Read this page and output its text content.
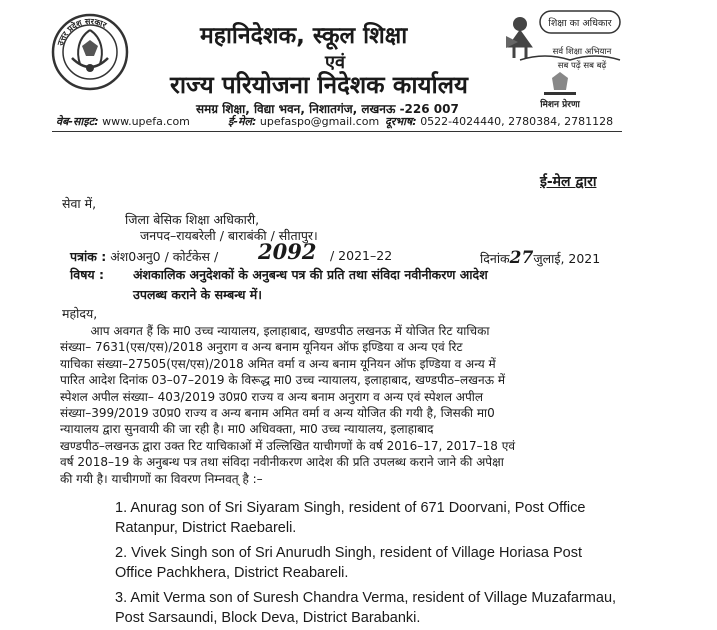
उत्तर प्रदेश सरकार	महानिदेशक, स्कूल शिक्षा
एवं
राज्य परियोजना निदेशक कार्यालय
समग्र शिक्षा, विद्या भवन, निशातगंज, लखनऊ -226 007
शिक्षा का अधिकार
सर्व शिक्षा अभियान
सब पढ़ें सब बढ़ें
मिशन प्रेरणा
वेब-साइट: www.upefa.com	ई-मेल: upefaspo@gmail.com दूरभाष: 0522-4024440, 2780384, 2781128
ई-मेल द्वारा
सेवा में,
जिला बेसिक शिक्षा अधिकारी,
जनपद–रायबरेली / बाराबंकी / सीतापुर।
पत्रांक : अंश0अनु0 / कोर्टकेस / 2092 / 2021–22	दिनांक27जुलाई, 2021
विषय : अंशकालिक अनुदेशकों के अनुबन्ध पत्र की प्रति तथा संविदा नवीनीकरण आदेश
उपलब्ध कराने के सम्बन्ध में।
महोदय,
आप अवगत हैं कि मा0 उच्च न्यायालय, इलाहाबाद, खण्डपीठ लखनऊ में योजित रिट याचिका
संख्या– 7631(एस/एस)/2018 अनुराग व अन्य बनाम यूनियन ऑफ इण्डिया व अन्य एवं रिट
याचिका संख्या–27505(एस/एस)/2018 अमित वर्मा व अन्य बनाम यूनियन ऑफ इण्डिया व अन्य में
पारित आदेश दिनांक 03–07–2019 के विरूद्ध मा0 उच्च न्यायालय, इलाहाबाद, खण्डपीठ–लखनऊ में
स्पेशल अपील संख्या– 403/2019 उ0प्र0 राज्य व अन्य बनाम अनुराग व अन्य एवं स्पेशल अपील
संख्या–399/2019 उ0प्र0 राज्य व अन्य बनाम अमित वर्मा व अन्य योजित की गयी है, जिसकी मा0
न्यायालय द्वारा सुनवायी की जा रही है। मा0 अधिवक्ता, मा0 उच्च न्यायालय, इलाहाबाद
खण्डपीठ–लखनऊ द्वारा उक्त रिट याचिकाओं में उल्लिखित याचीगणों के वर्ष 2016–17, 2017–18 एवं
वर्ष 2018–19 के अनुबन्ध पत्र तथा संविदा नवीनीकरण आदेश की प्रति उपलब्ध कराने जाने की अपेक्षा
की गयी है। याचीगणों का विवरण निम्नवत् है :–
1. Anurag son of Sri Siyaram Singh, resident of 671 Doorvani, Post Office Ratanpur, District Raebareli.
2. Vivek Singh son of Sri Anurudh Singh, resident of Village Horiasa Post Office Pachkhera, District Reabareli.
3. Amit Verma son of Suresh Chandra Verma, resident of Village Muzafarmau, Post Sarsaundi, Block Deva, District Barabanki.
